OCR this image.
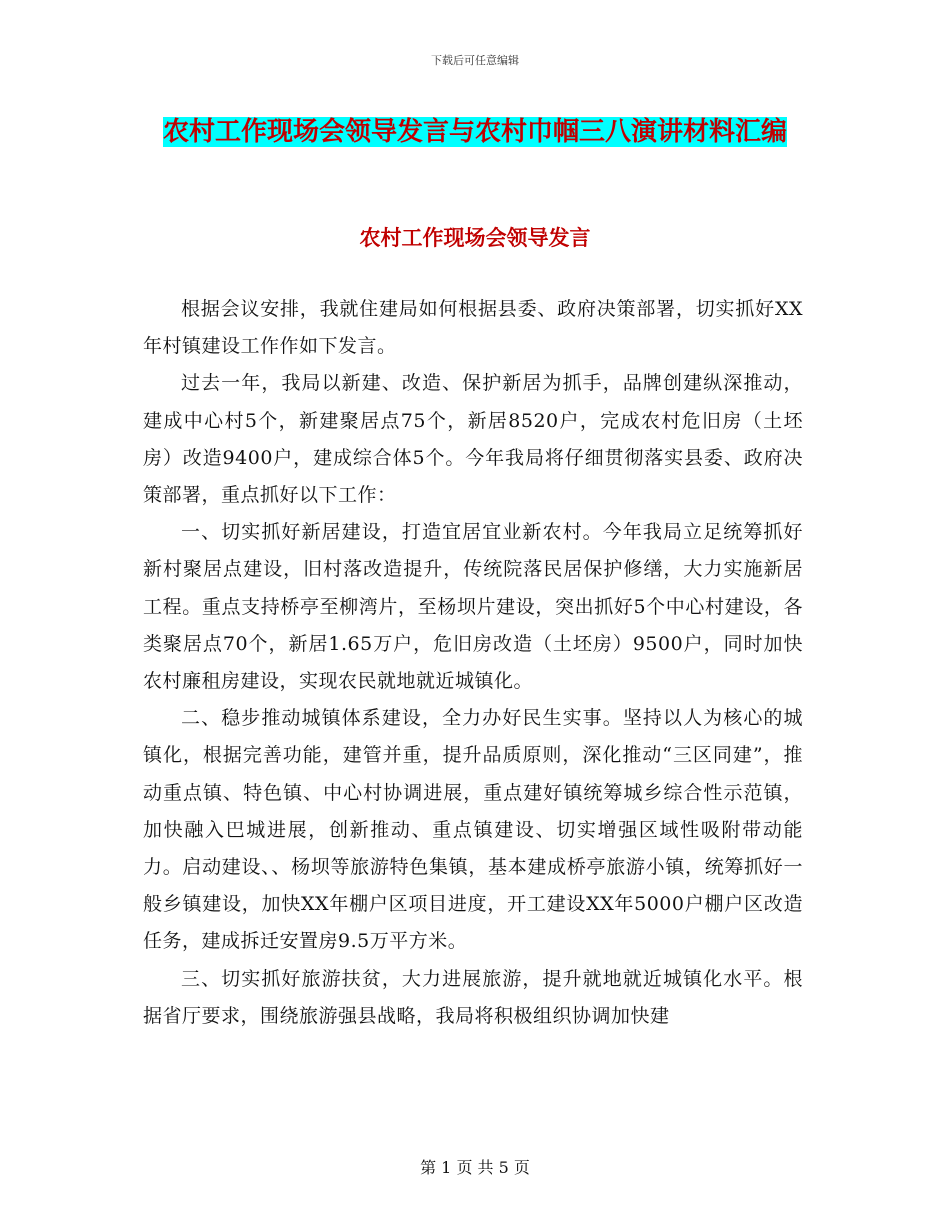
下载后可任意编辑
农村工作现场会领导发言与农村巾帼三八演讲材料汇编
农村工作现场会领导发言

根据会议安排，我就住建局如何根据县委、政府决策部署，切实抓好XX年村镇建设工作作如下发言。

过去一年，我局以新建、改造、保护新居为抓手，品牌创建纵深推动，建成中心村5个，新建聚居点75个，新居8520户，完成农村危旧房（土坯房）改造9400户，建成综合体5个。今年我局将仔细贯彻落实县委、政府决策部署，重点抓好以下工作：

一、切实抓好新居建设，打造宜居宜业新农村。今年我局立足统筹抓好新村聚居点建设，旧村落改造提升，传统院落民居保护修缮，大力实施新居工程。重点支持桥亭至柳湾片，至杨坝片建设，突出抓好5个中心村建设，各类聚居点70个，新居1.65万户，危旧房改造（土坯房）9500户，同时加快农村廉租房建设，实现农民就地就近城镇化。

二、稳步推动城镇体系建设，全力办好民生实事。坚持以人为核心的城镇化，根据完善功能，建管并重，提升品质原则，深化推动“三区同建”，推动重点镇、特色镇、中心村协调进展，重点建好镇统筹城乡综合性示范镇，加快融入巴城进展，创新推动、重点镇建设、切实增强区域性吸附带动能力。启动建设、、杨坝等旅游特色集镇，基本建成桥亭旅游小镇，统筹抓好一般乡镇建设，加快XX年棚户区项目进度，开工建设XX年5000户棚户区改造任务，建成拆迁安置房9.5万平方米。

三、切实抓好旅游扶贫，大力进展旅游，提升就地就近城镇化水平。根据省厅要求，围绕旅游强县战略，我局将积极组织协调加快建

第 1 页 共 5 页
